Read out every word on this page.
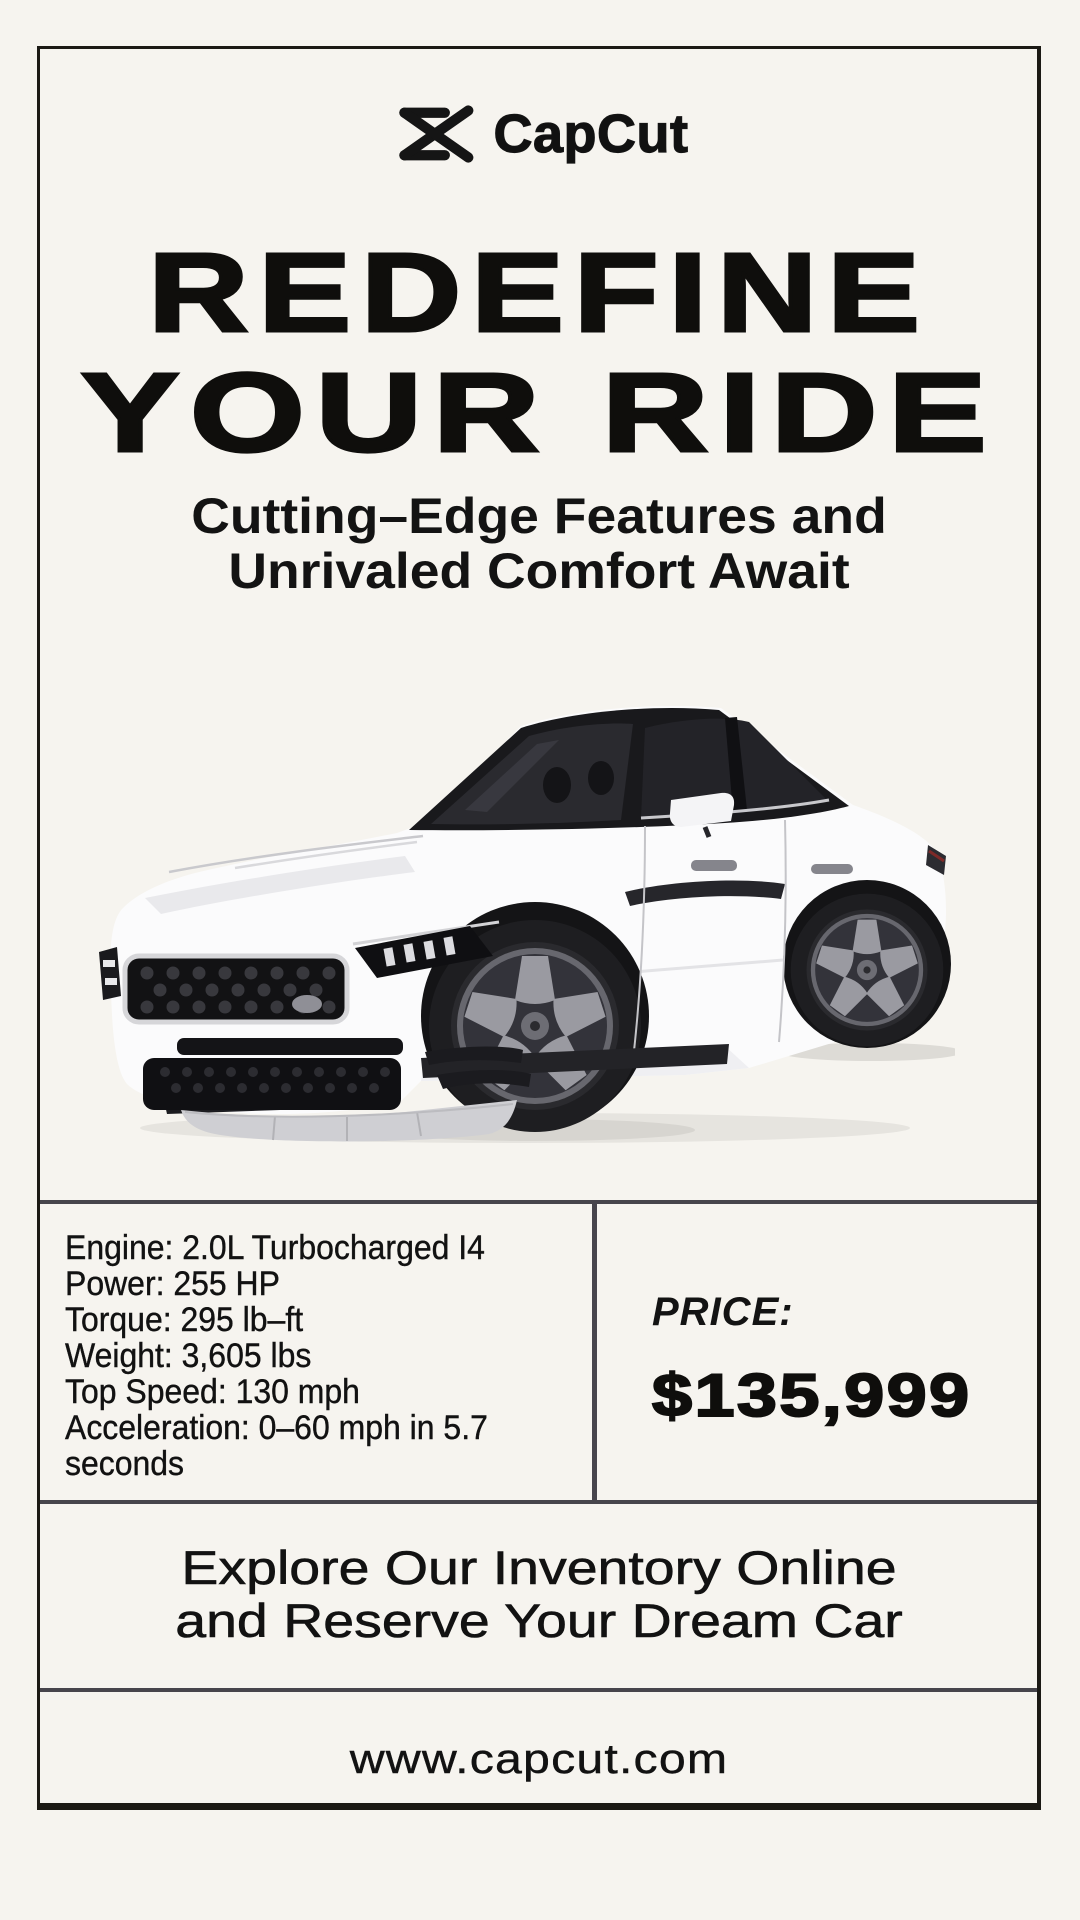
CapCut
REDEFINE
YOUR RIDE
Cutting–Edge Features and
Unrivaled Comfort Await
Engine: 2.0L Turbocharged I4
Power: 255 HP
Torque: 295 lb–ft
Weight: 3,605 lbs
Top Speed: 130 mph
Acceleration: 0–60 mph in 5.7 seconds
PRICE:
$135,999
Explore Our Inventory Online
and Reserve Your Dream Car
www.capcut.com
